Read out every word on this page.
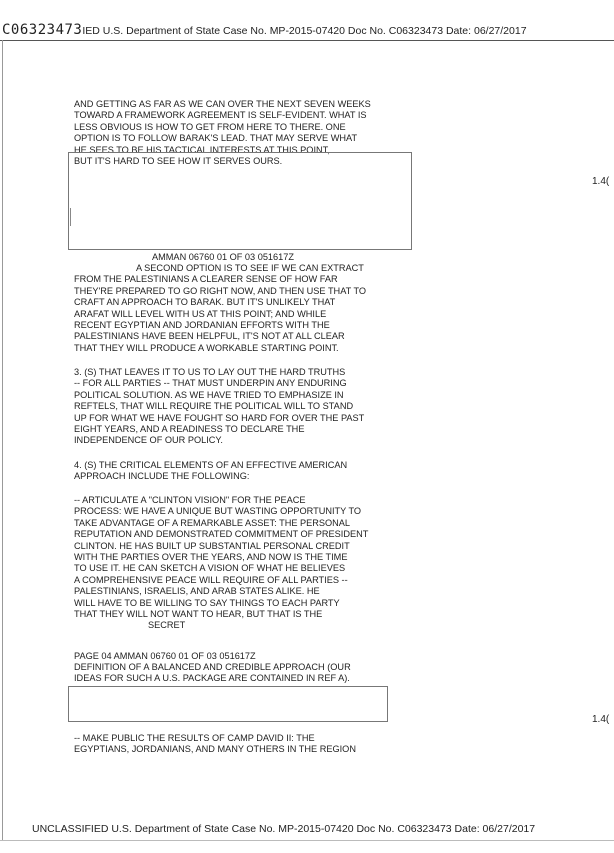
C06323473IED U.S. Department of State Case No. MP-2015-07420 Doc No. C06323473 Date: 06/27/2017
AND GETTING AS FAR AS WE CAN OVER THE NEXT SEVEN WEEKS
TOWARD A FRAMEWORK AGREEMENT IS SELF-EVIDENT. WHAT IS
LESS OBVIOUS IS HOW TO GET FROM HERE TO THERE. ONE
OPTION IS TO FOLLOW BARAK'S LEAD. THAT MAY SERVE WHAT
HE SEES TO BE HIS TACTICAL INTERESTS AT THIS POINT,
BUT IT'S HARD TO SEE HOW IT SERVES OURS.
1.4(
AMMAN 06760 01 OF 03 051617Z
A SECOND OPTION IS TO SEE IF WE CAN EXTRACT
FROM THE PALESTINIANS A CLEARER SENSE OF HOW FAR
THEY'RE PREPARED TO GO RIGHT NOW, AND THEN USE THAT TO
CRAFT AN APPROACH TO BARAK. BUT IT'S UNLIKELY THAT
ARAFAT WILL LEVEL WITH US AT THIS POINT; AND WHILE
RECENT EGYPTIAN AND JORDANIAN EFFORTS WITH THE
PALESTINIANS HAVE BEEN HELPFUL, IT'S NOT AT ALL CLEAR
THAT THEY WILL PRODUCE A WORKABLE STARTING POINT.
3. (S) THAT LEAVES IT TO US TO LAY OUT THE HARD TRUTHS
-- FOR ALL PARTIES -- THAT MUST UNDERPIN ANY ENDURING
POLITICAL SOLUTION. AS WE HAVE TRIED TO EMPHASIZE IN
REFTELS, THAT WILL REQUIRE THE POLITICAL WILL TO STAND
UP FOR WHAT WE HAVE FOUGHT SO HARD FOR OVER THE PAST
EIGHT YEARS, AND A READINESS TO DECLARE THE
INDEPENDENCE OF OUR POLICY.
4. (S) THE CRITICAL ELEMENTS OF AN EFFECTIVE AMERICAN
APPROACH INCLUDE THE FOLLOWING:
-- ARTICULATE A "CLINTON VISION" FOR THE PEACE
PROCESS: WE HAVE A UNIQUE BUT WASTING OPPORTUNITY TO
TAKE ADVANTAGE OF A REMARKABLE ASSET: THE PERSONAL
REPUTATION AND DEMONSTRATED COMMITMENT OF PRESIDENT
CLINTON. HE HAS BUILT UP SUBSTANTIAL PERSONAL CREDIT
WITH THE PARTIES OVER THE YEARS, AND NOW IS THE TIME
TO USE IT. HE CAN SKETCH A VISION OF WHAT HE BELIEVES
A COMPREHENSIVE PEACE WILL REQUIRE OF ALL PARTIES --
PALESTINIANS, ISRAELIS, AND ARAB STATES ALIKE. HE
WILL HAVE TO BE WILLING TO SAY THINGS TO EACH PARTY
THAT THEY WILL NOT WANT TO HEAR, BUT THAT IS THE
SECRET
PAGE 04 AMMAN 06760 01 OF 03 051617Z
DEFINITION OF A BALANCED AND CREDIBLE APPROACH (OUR
IDEAS FOR SUCH A U.S. PACKAGE ARE CONTAINED IN REF A).
1.4(
-- MAKE PUBLIC THE RESULTS OF CAMP DAVID II: THE
EGYPTIANS, JORDANIANS, AND MANY OTHERS IN THE REGION
UNCLASSIFIED U.S. Department of State Case No. MP-2015-07420 Doc No. C06323473 Date: 06/27/2017
